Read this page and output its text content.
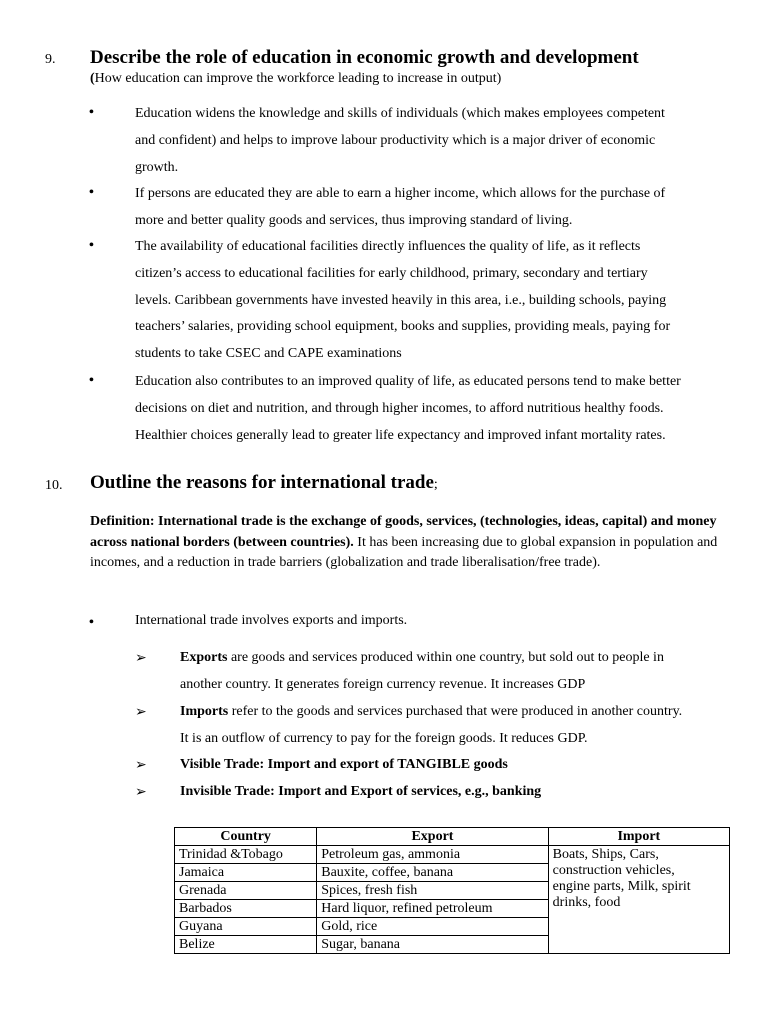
9. Describe the role of education in economic growth and development
(How education can improve the workforce leading to increase in output)
•	Education widens the knowledge and skills of individuals (which makes employees competent
and confident) and helps to improve labour productivity which is a major driver of economic
growth.
•	If persons are educated they are able to earn a higher income, which allows for the purchase of
more and better quality goods and services, thus improving standard of living.
•	The availability of educational facilities directly influences the quality of life, as it reflects
citizen’s access to educational facilities for early childhood, primary, secondary and tertiary
levels. Caribbean governments have invested heavily in this area, i.e., building schools, paying
teachers’ salaries, providing school equipment, books and supplies, providing meals, paying for
students to take CSEC and CAPE examinations
•	Education also contributes to an improved quality of life, as educated persons tend to make better
decisions on diet and nutrition, and through higher incomes, to afford nutritious healthy foods.
Healthier choices generally lead to greater life expectancy and improved infant mortality rates.
10. Outline the reasons for international trade;
Definition: International trade is the exchange of goods, services, (technologies, ideas, capital) and money across national borders (between countries). It has been increasing due to global expansion in population and incomes, and a reduction in trade barriers (globalization and trade liberalisation/free trade).
•	International trade involves exports and imports.
➢ Exports are goods and services produced within one country, but sold out to people in
another country. It generates foreign currency revenue. It increases GDP
➢ Imports refer to the goods and services purchased that were produced in another country.
It is an outflow of currency to pay for the foreign goods. It reduces GDP.
➢ Visible Trade: Import and export of TANGIBLE goods
➢ Invisible Trade: Import and Export of services, e.g., banking
Country	Export	Import
Trinidad &Tobago	Petroleum gas, ammonia	Boats, Ships, Cars,
construction vehicles,
engine parts, Milk, spirit
drinks, food

Jamaica	Bauxite, coffee, banana	
Grenada	Spices, fresh fish	
Barbados	Hard liquor, refined petroleum	
Guyana	Gold, rice	
Belize	Sugar, banana	
